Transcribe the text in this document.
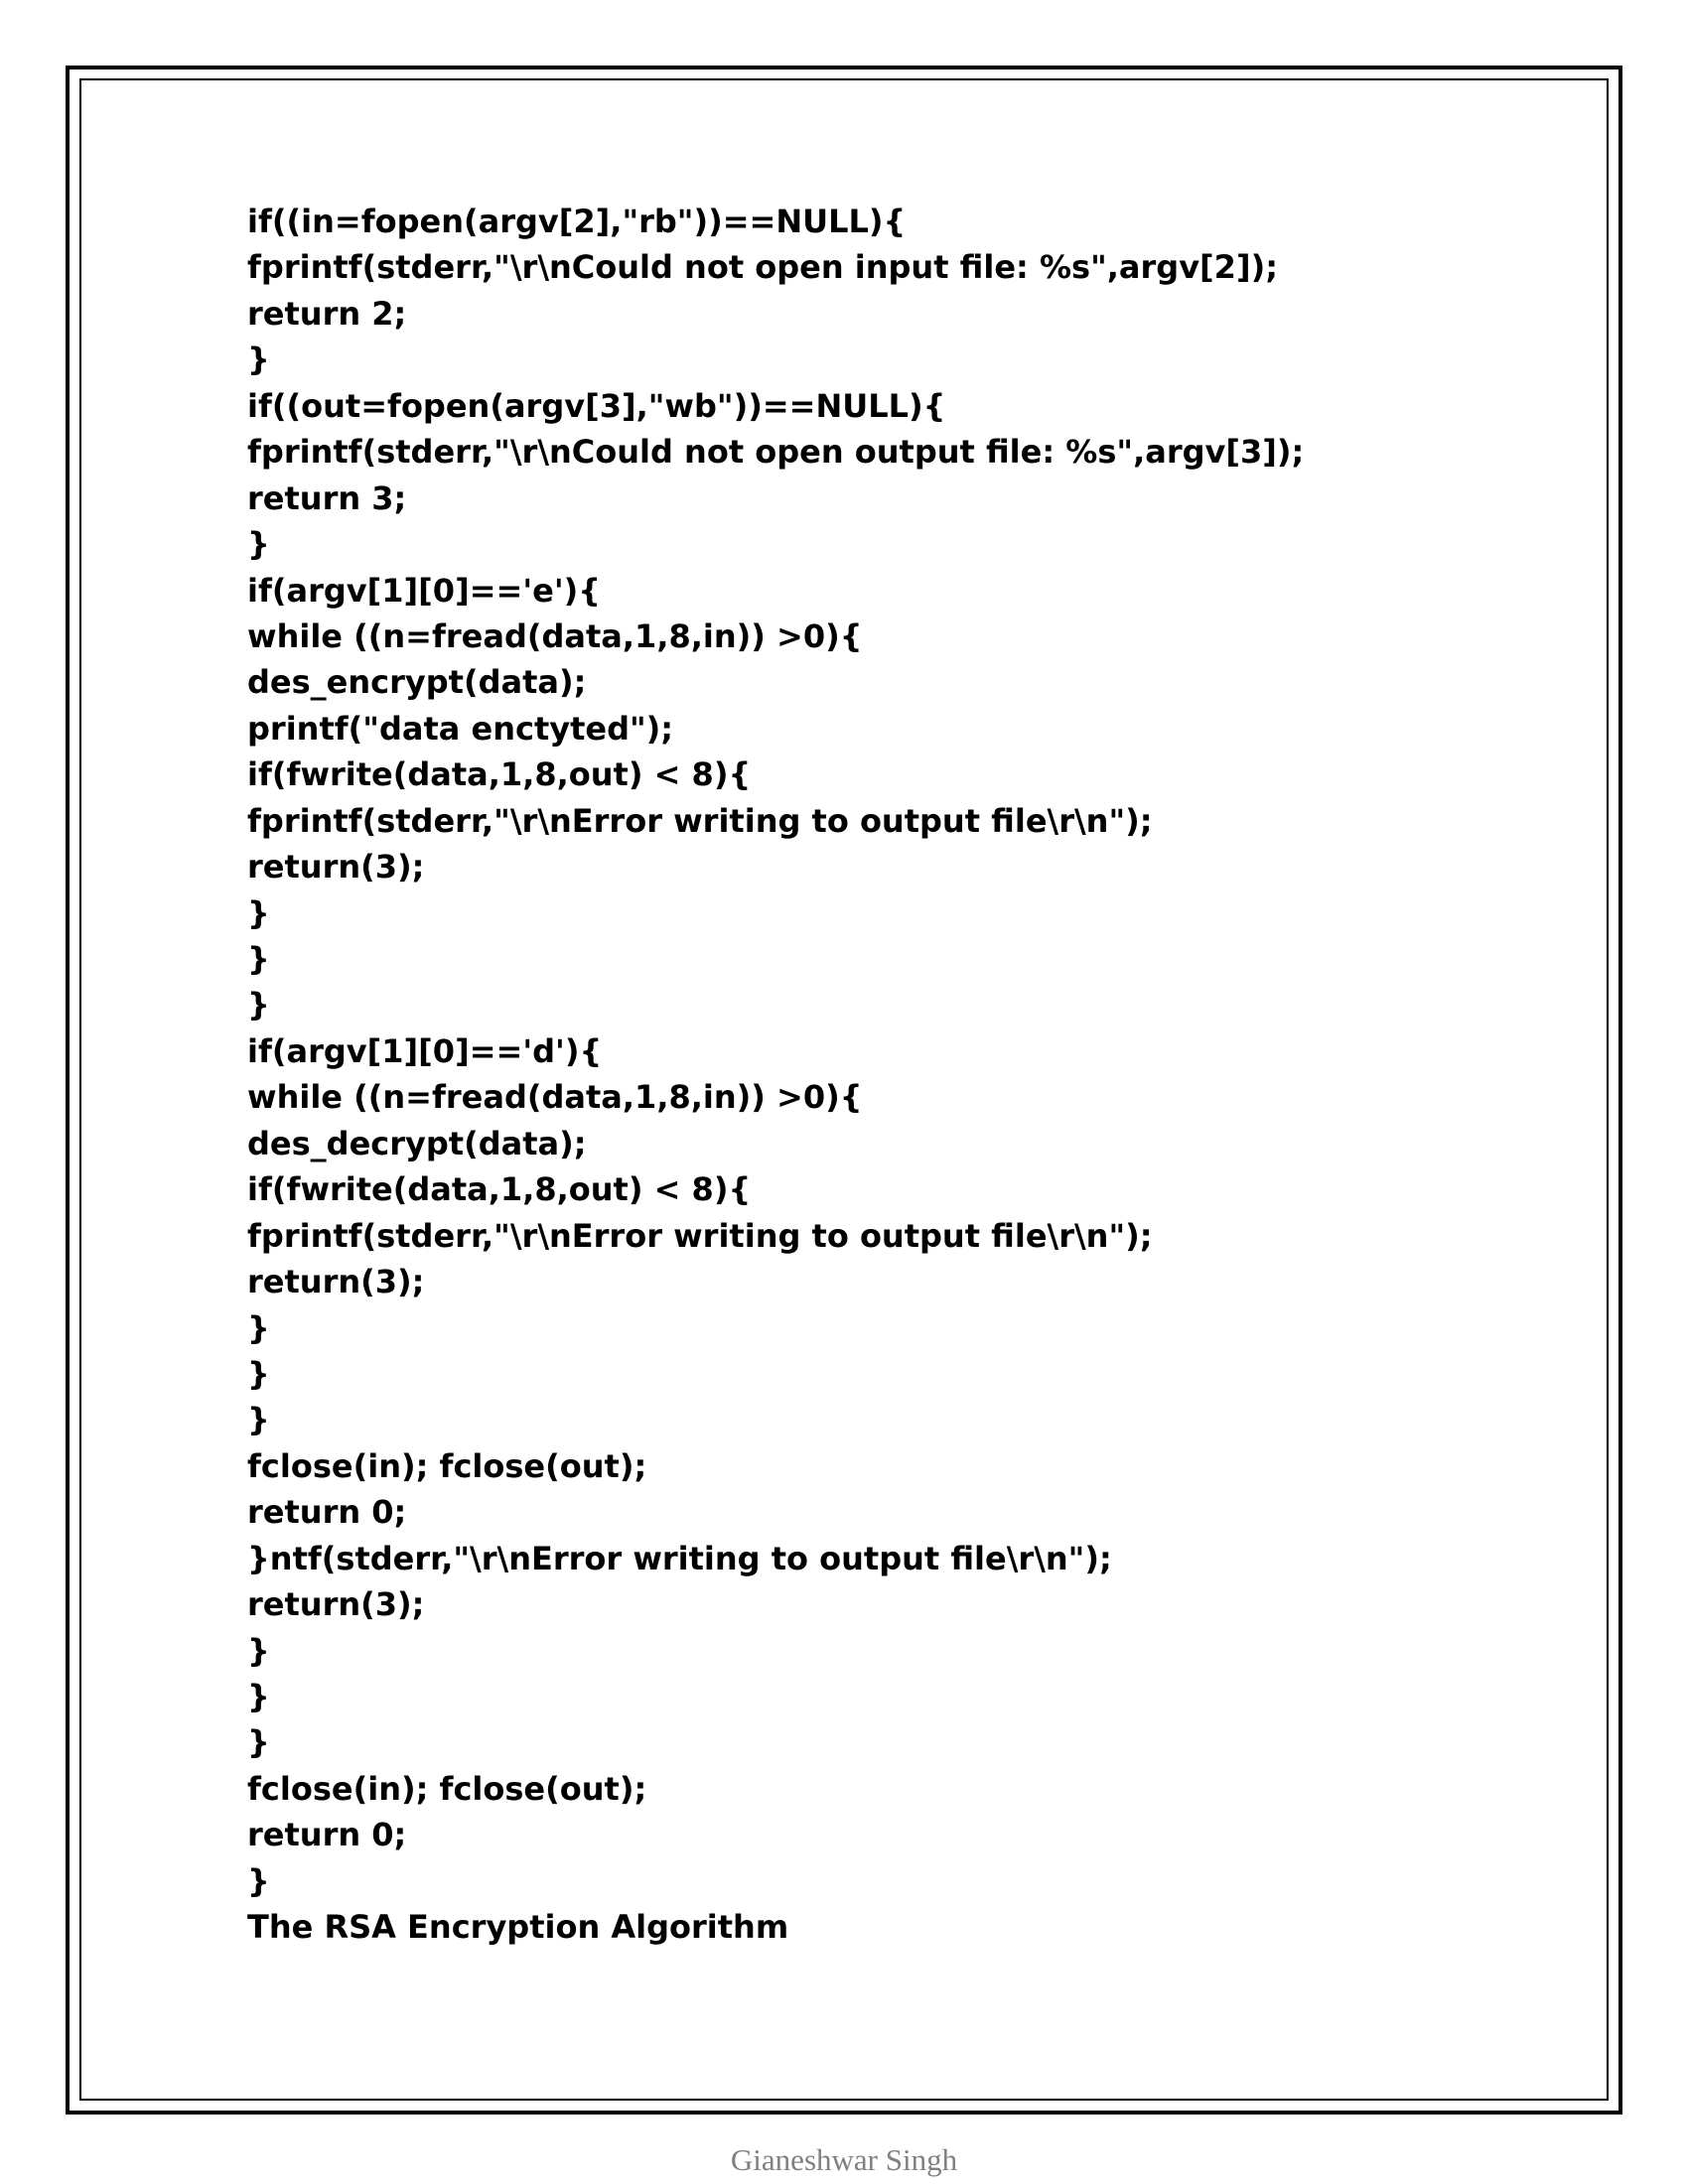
if((in=fopen(argv[2],"rb"))==NULL){
fprintf(stderr,"\r\nCould not open input file: %s",argv[2]);
return 2;
}
if((out=fopen(argv[3],"wb"))==NULL){
fprintf(stderr,"\r\nCould not open output file: %s",argv[3]);
return 3;
}
if(argv[1][0]=='e'){
while ((n=fread(data,1,8,in)) >0){
des_encrypt(data);
printf("data enctyted");
if(fwrite(data,1,8,out) < 8){
fprintf(stderr,"\r\nError writing to output file\r\n");
return(3);
}
}
}
if(argv[1][0]=='d'){
while ((n=fread(data,1,8,in)) >0){
des_decrypt(data);
if(fwrite(data,1,8,out) < 8){
fprintf(stderr,"\r\nError writing to output file\r\n");
return(3);
}
}
}
fclose(in); fclose(out);
return 0;
}ntf(stderr,"\r\nError writing to output file\r\n");
return(3);
}
}
}
fclose(in); fclose(out);
return 0;
}
The RSA Encryption Algorithm
Gianeshwar Singh
